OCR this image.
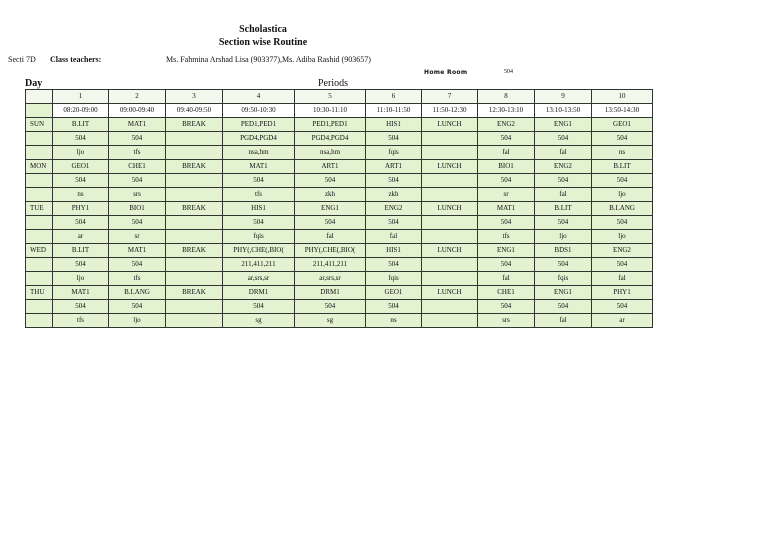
Scholastica
Section wise Routine
Secti 7D Class teachers:	Ms. Fahmina Arshad Lisa (903377),Ms. Adiba Rashid (903657)
Home Room	504
Day	Periods
	1	2	3	4	5	6	7	8	9	10
	08:20-09:00	09:00-09:40	09:40-09:50	09:50-10:30	10:30-11:10	11:10-11:50	11:50-12:30	12:30-13:10	13:10-13:50	13:50-14:30
SUN	B.LIT	MAT1	BREAK	PED1,PED1	PED1,PED1	HIS1	LUNCH	ENG2	ENG1	GEO1
	504	504		PGD4,PGD4	PGD4,PGD4	504		504	504	504
	ljo	tfs		nsa,hm	nsa,hm	fqis		fal	fal	ns
MON	GEO1	CHE1	BREAK	MAT1	ART1	ART1	LUNCH	BIO1	ENG2	B.LIT
	504	504		504	504	504		504	504	504
	ns	srs		tfs	zkh	zkh		sr	fal	ljo
TUE	PHY1	BIO1	BREAK	HIS1	ENG1	ENG2	LUNCH	MAT1	B.LIT	B.LANG
	504	504		504	504	504		504	504	504
	ar	sr		fqis	fal	fal		tfs	ljo	ljo
WED	B.LIT	MAT1	BREAK	PHY(,CHE(,BIO(	PHY(,CHE(,BIO(	HIS1	LUNCH	ENG1	BDS1	ENG2
	504	504		211,411,211	211,411,211	504		504	504	504
	ljo	tfs		ar,srs,sr	ar,srs,sr	fqis		fal	fqis	fal
THU	MAT1	B.LANG	BREAK	DRM1	DRM1	GEO1	LUNCH	CHE1	ENG1	PHY1
	504	504		504	504	504		504	504	504
	tfs	ljo		sg	sg	ns		srs	fal	ar
